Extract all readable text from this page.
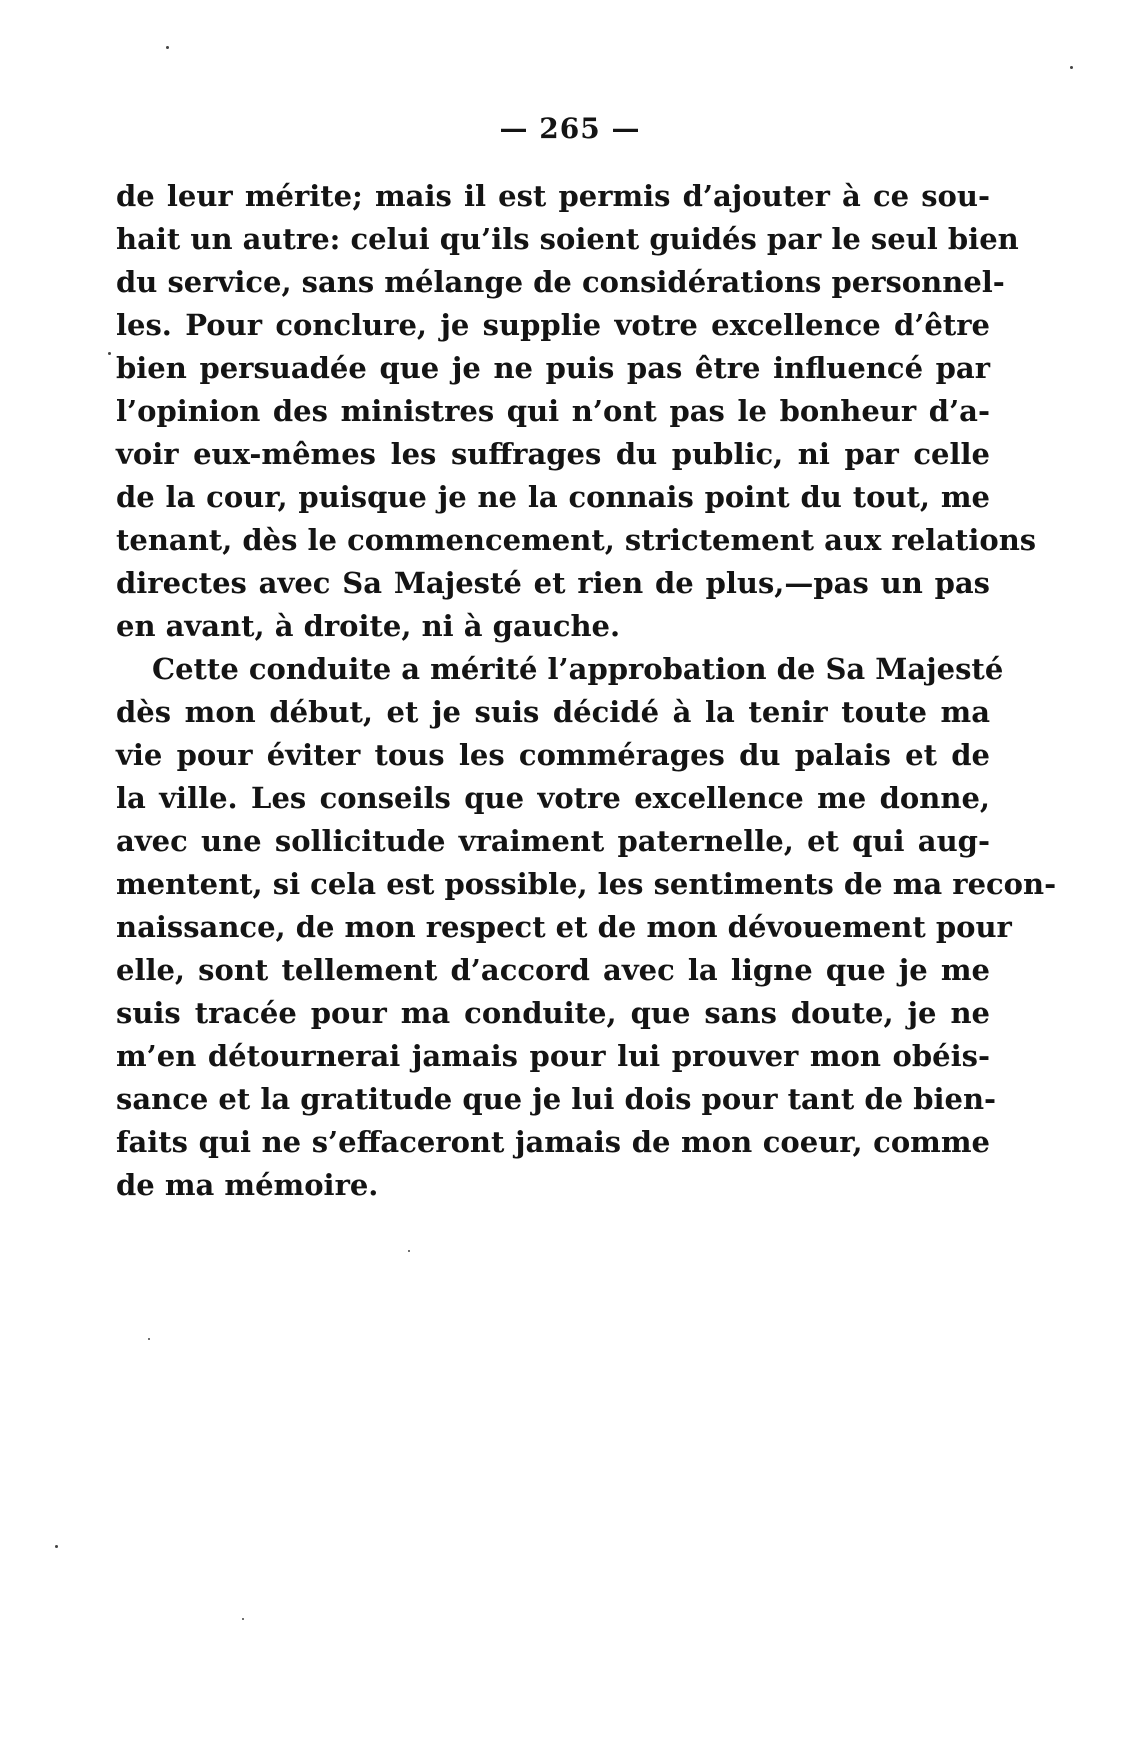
— 265 —
de leur mérite; mais il est permis d’ajouter à ce sou-
hait un autre: celui qu’ils soient guidés par le seul bien
du service, sans mélange de considérations personnel-
les. Pour conclure, je supplie votre excellence d’être
bien persuadée que je ne puis pas être influencé par
l’opinion des ministres qui n’ont pas le bonheur d’a-
voir eux-mêmes les suffrages du public, ni par celle
de la cour, puisque je ne la connais point du tout, me
tenant, dès le commencement, strictement aux relations
directes avec Sa Majesté et rien de plus,—pas un pas
en avant, à droite, ni à gauche.
Cette conduite a mérité l’approbation de Sa Majesté
dès mon début, et je suis décidé à la tenir toute ma
vie pour éviter tous les commérages du palais et de
la ville. Les conseils que votre excellence me donne,
avec une sollicitude vraiment paternelle, et qui aug-
mentent, si cela est possible, les sentiments de ma recon-
naissance, de mon respect et de mon dévouement pour
elle, sont tellement d’accord avec la ligne que je me
suis tracée pour ma conduite, que sans doute, je ne
m’en détournerai jamais pour lui prouver mon obéis-
sance et la gratitude que je lui dois pour tant de bien-
faits qui ne s’effaceront jamais de mon coeur, comme
de ma mémoire.
